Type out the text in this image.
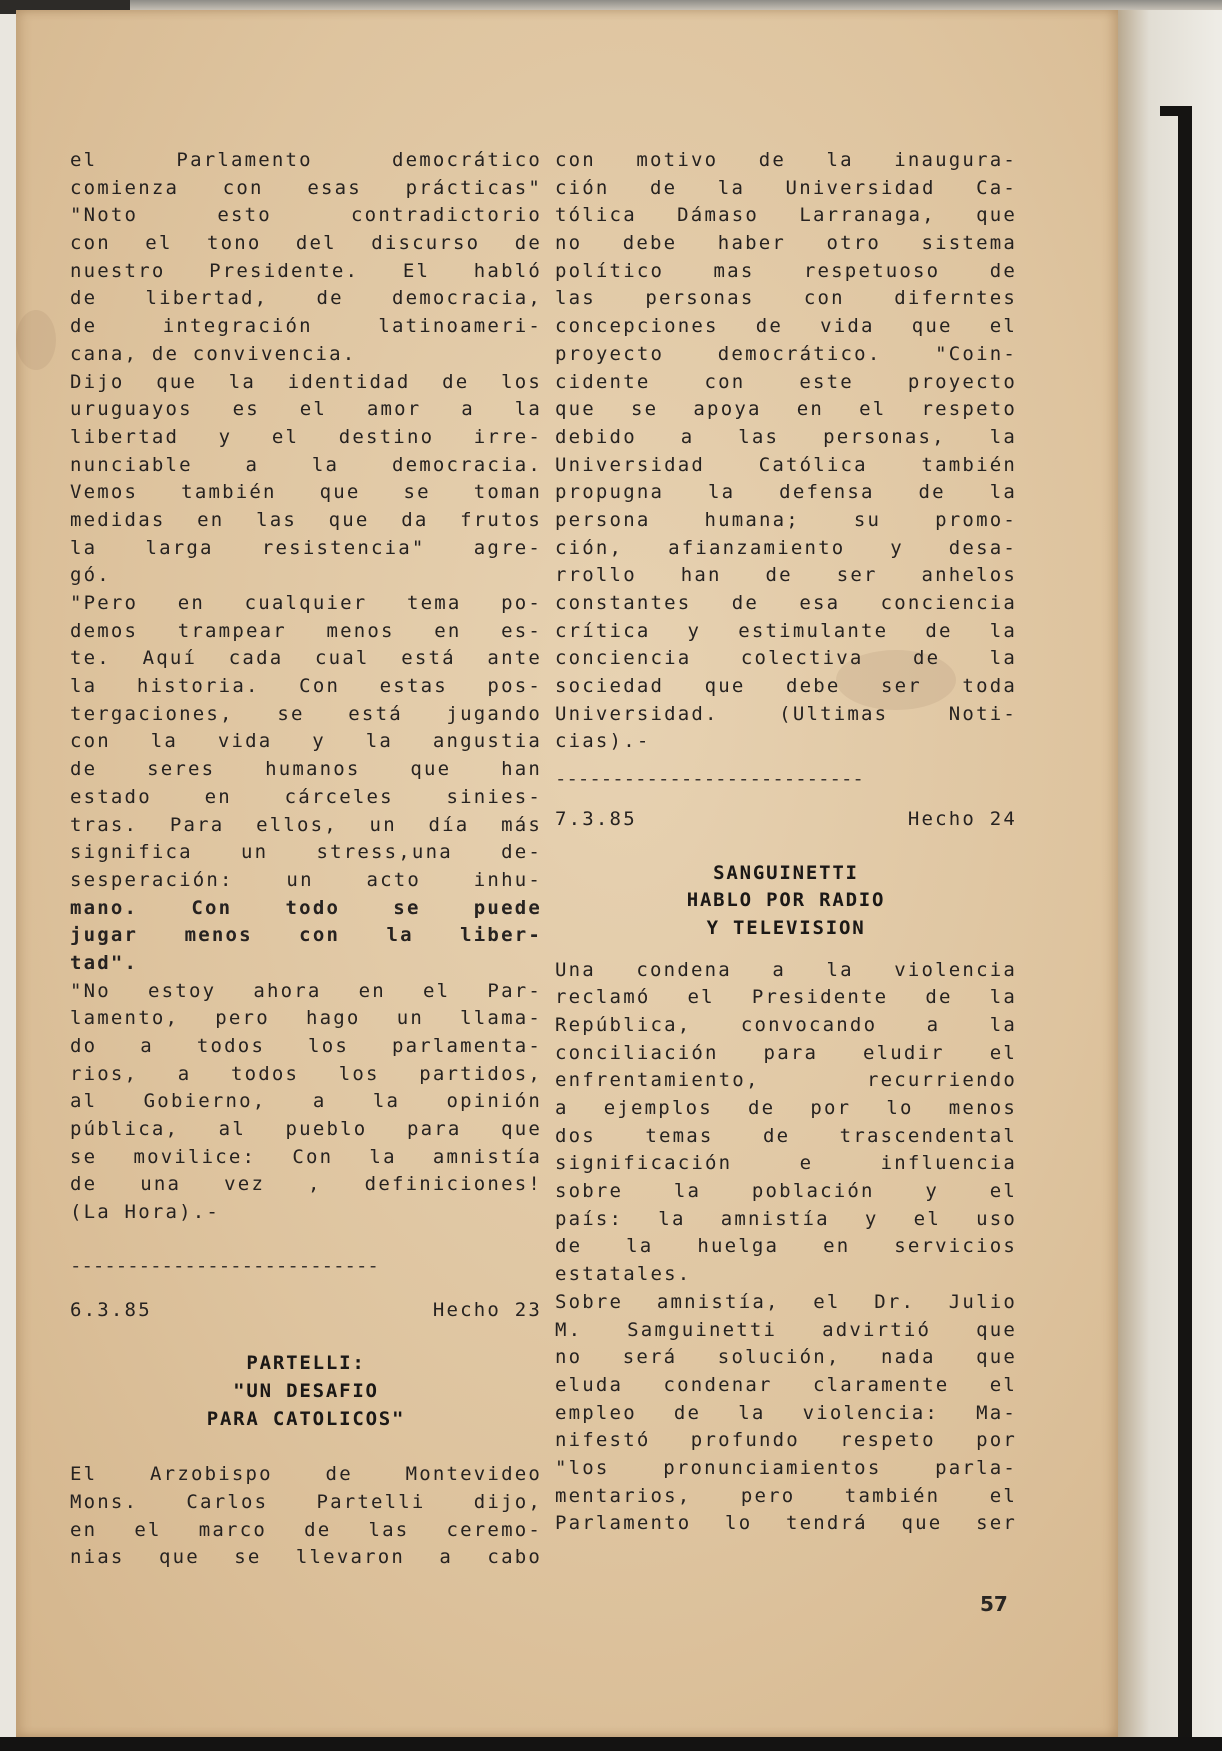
el Parlamento democrático
comienza con esas prácticas"
"Noto esto contradictorio
con el tono del discurso de
nuestro Presidente. El habló
de libertad, de democracia,
de integración latinoameri-
cana, de convivencia.
Dijo que la identidad de los
uruguayos es el amor a la
libertad y el destino irre-
nunciable a la democracia.
Vemos también que se toman
medidas en las que da frutos
la larga resistencia" agre-
gó.
"Pero en cualquier tema po-
demos trampear menos en es-
te. Aquí cada cual está ante
la historia. Con estas pos-
tergaciones, se está jugando
con la vida y la angustia
de seres humanos que han
estado en cárceles sinies-
tras. Para ellos, un día más
significa un stress,una de-
sesperación: un acto inhu-
mano. Con todo se puede
jugar menos con la liber-
tad".
"No estoy ahora en el Par-
lamento, pero hago un llama-
do a todos los parlamenta-
rios, a todos los partidos,
al Gobierno, a la opinión
pública, al pueblo para que
se movilice: Con la amnistía
de una vez , definiciones!
(La Hora).-
---------------------------
6.3.85	Hecho 23
PARTELLI:
"UN DESAFIO
PARA CATOLICOS"
El Arzobispo de Montevideo
Mons. Carlos Partelli dijo,
en el marco de las ceremo-
nias que se llevaron a cabo
con motivo de la inaugura-
ción de la Universidad Ca-
tólica Dámaso Larranaga, que
no debe haber otro sistema
político mas respetuoso de
las personas con diferntes
concepciones de vida que el
proyecto democrático. "Coin-
cidente con este proyecto
que se apoya en el respeto
debido a las personas, la
Universidad Católica también
propugna la defensa de la
persona humana; su promo-
ción, afianzamiento y desa-
rrollo han de ser anhelos
constantes de esa conciencia
crítica y estimulante de la
conciencia colectiva de la
sociedad que debe ser toda
Universidad. (Ultimas Noti-
cias).-
---------------------------
7.3.85	Hecho 24
SANGUINETTI
HABLO POR RADIO
Y TELEVISION
Una condena a la violencia
reclamó el Presidente de la
República, convocando a la
conciliación para eludir el
enfrentamiento, recurriendo
a ejemplos de por lo menos
dos temas de trascendental
significación e influencia
sobre la población y el
país: la amnistía y el uso
de la huelga en servicios
estatales.
Sobre amnistía, el Dr. Julio
M. Samguinetti advirtió que
no será solución, nada que
eluda condenar claramente el
empleo de la violencia: Ma-
nifestó profundo respeto por
"los pronunciamientos parla-
mentarios, pero también el
Parlamento lo tendrá que ser
57
